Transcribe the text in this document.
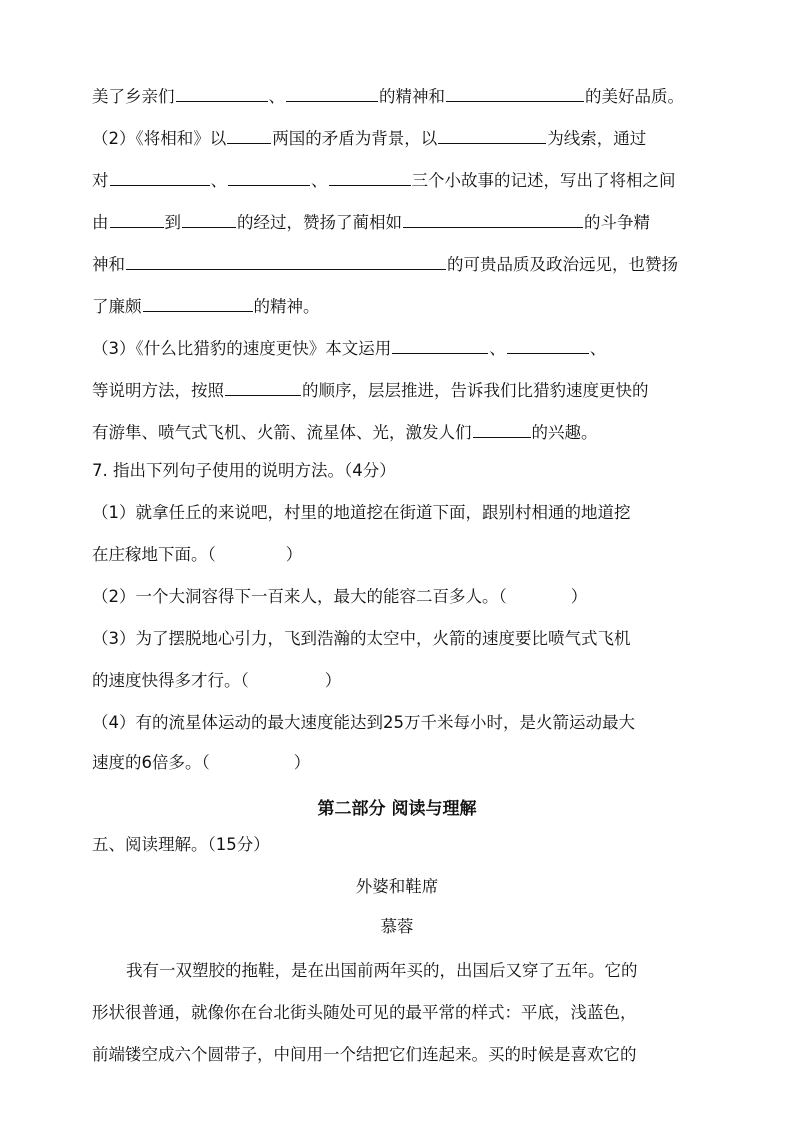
美了乡亲们	、	的精神和	的美好品质。
（2）《将相和》以	两国的矛盾为背景，以	为线索，通过
对	、	、	三个小故事的记述，写出了将相之间
由	到	的经过，赞扬了蔺相如	的斗争精
神和	的可贵品质及政治远见，也赞扬
了廉颇	的精神。
（3）《什么比猎豹的速度更快》本文运用	、	、
等说明方法，按照	的顺序，层层推进，告诉我们比猎豹速度更快的
有游隼、喷气式飞机、火箭、流星体、光，激发人们	的兴趣。
7. 指出下列句子使用的说明方法。（4分）
（1）就拿任丘的来说吧，村里的地道挖在街道下面，跟别村相通的地道挖
在庄稼地下面。（	）
（2）一个大洞容得下一百来人，最大的能容二百多人。（	）
（3）为了摆脱地心引力，飞到浩瀚的太空中，火箭的速度要比喷气式飞机
的速度快得多才行。（	）
（4）有的流星体运动的最大速度能达到25万千米每小时，是火箭运动最大
速度的6倍多。（	）
第二部分 阅读与理解
五、阅读理解。（15分）
外婆和鞋席
慕蓉
我有一双塑胶的拖鞋，是在出国前两年买的，出国后又穿了五年。它的
形状很普通，就像你在台北街头随处可见的最平常的样式：平底，浅蓝色，
前端镂空成六个圆带子，中间用一个结把它们连起来。买的时候是喜欢它的
